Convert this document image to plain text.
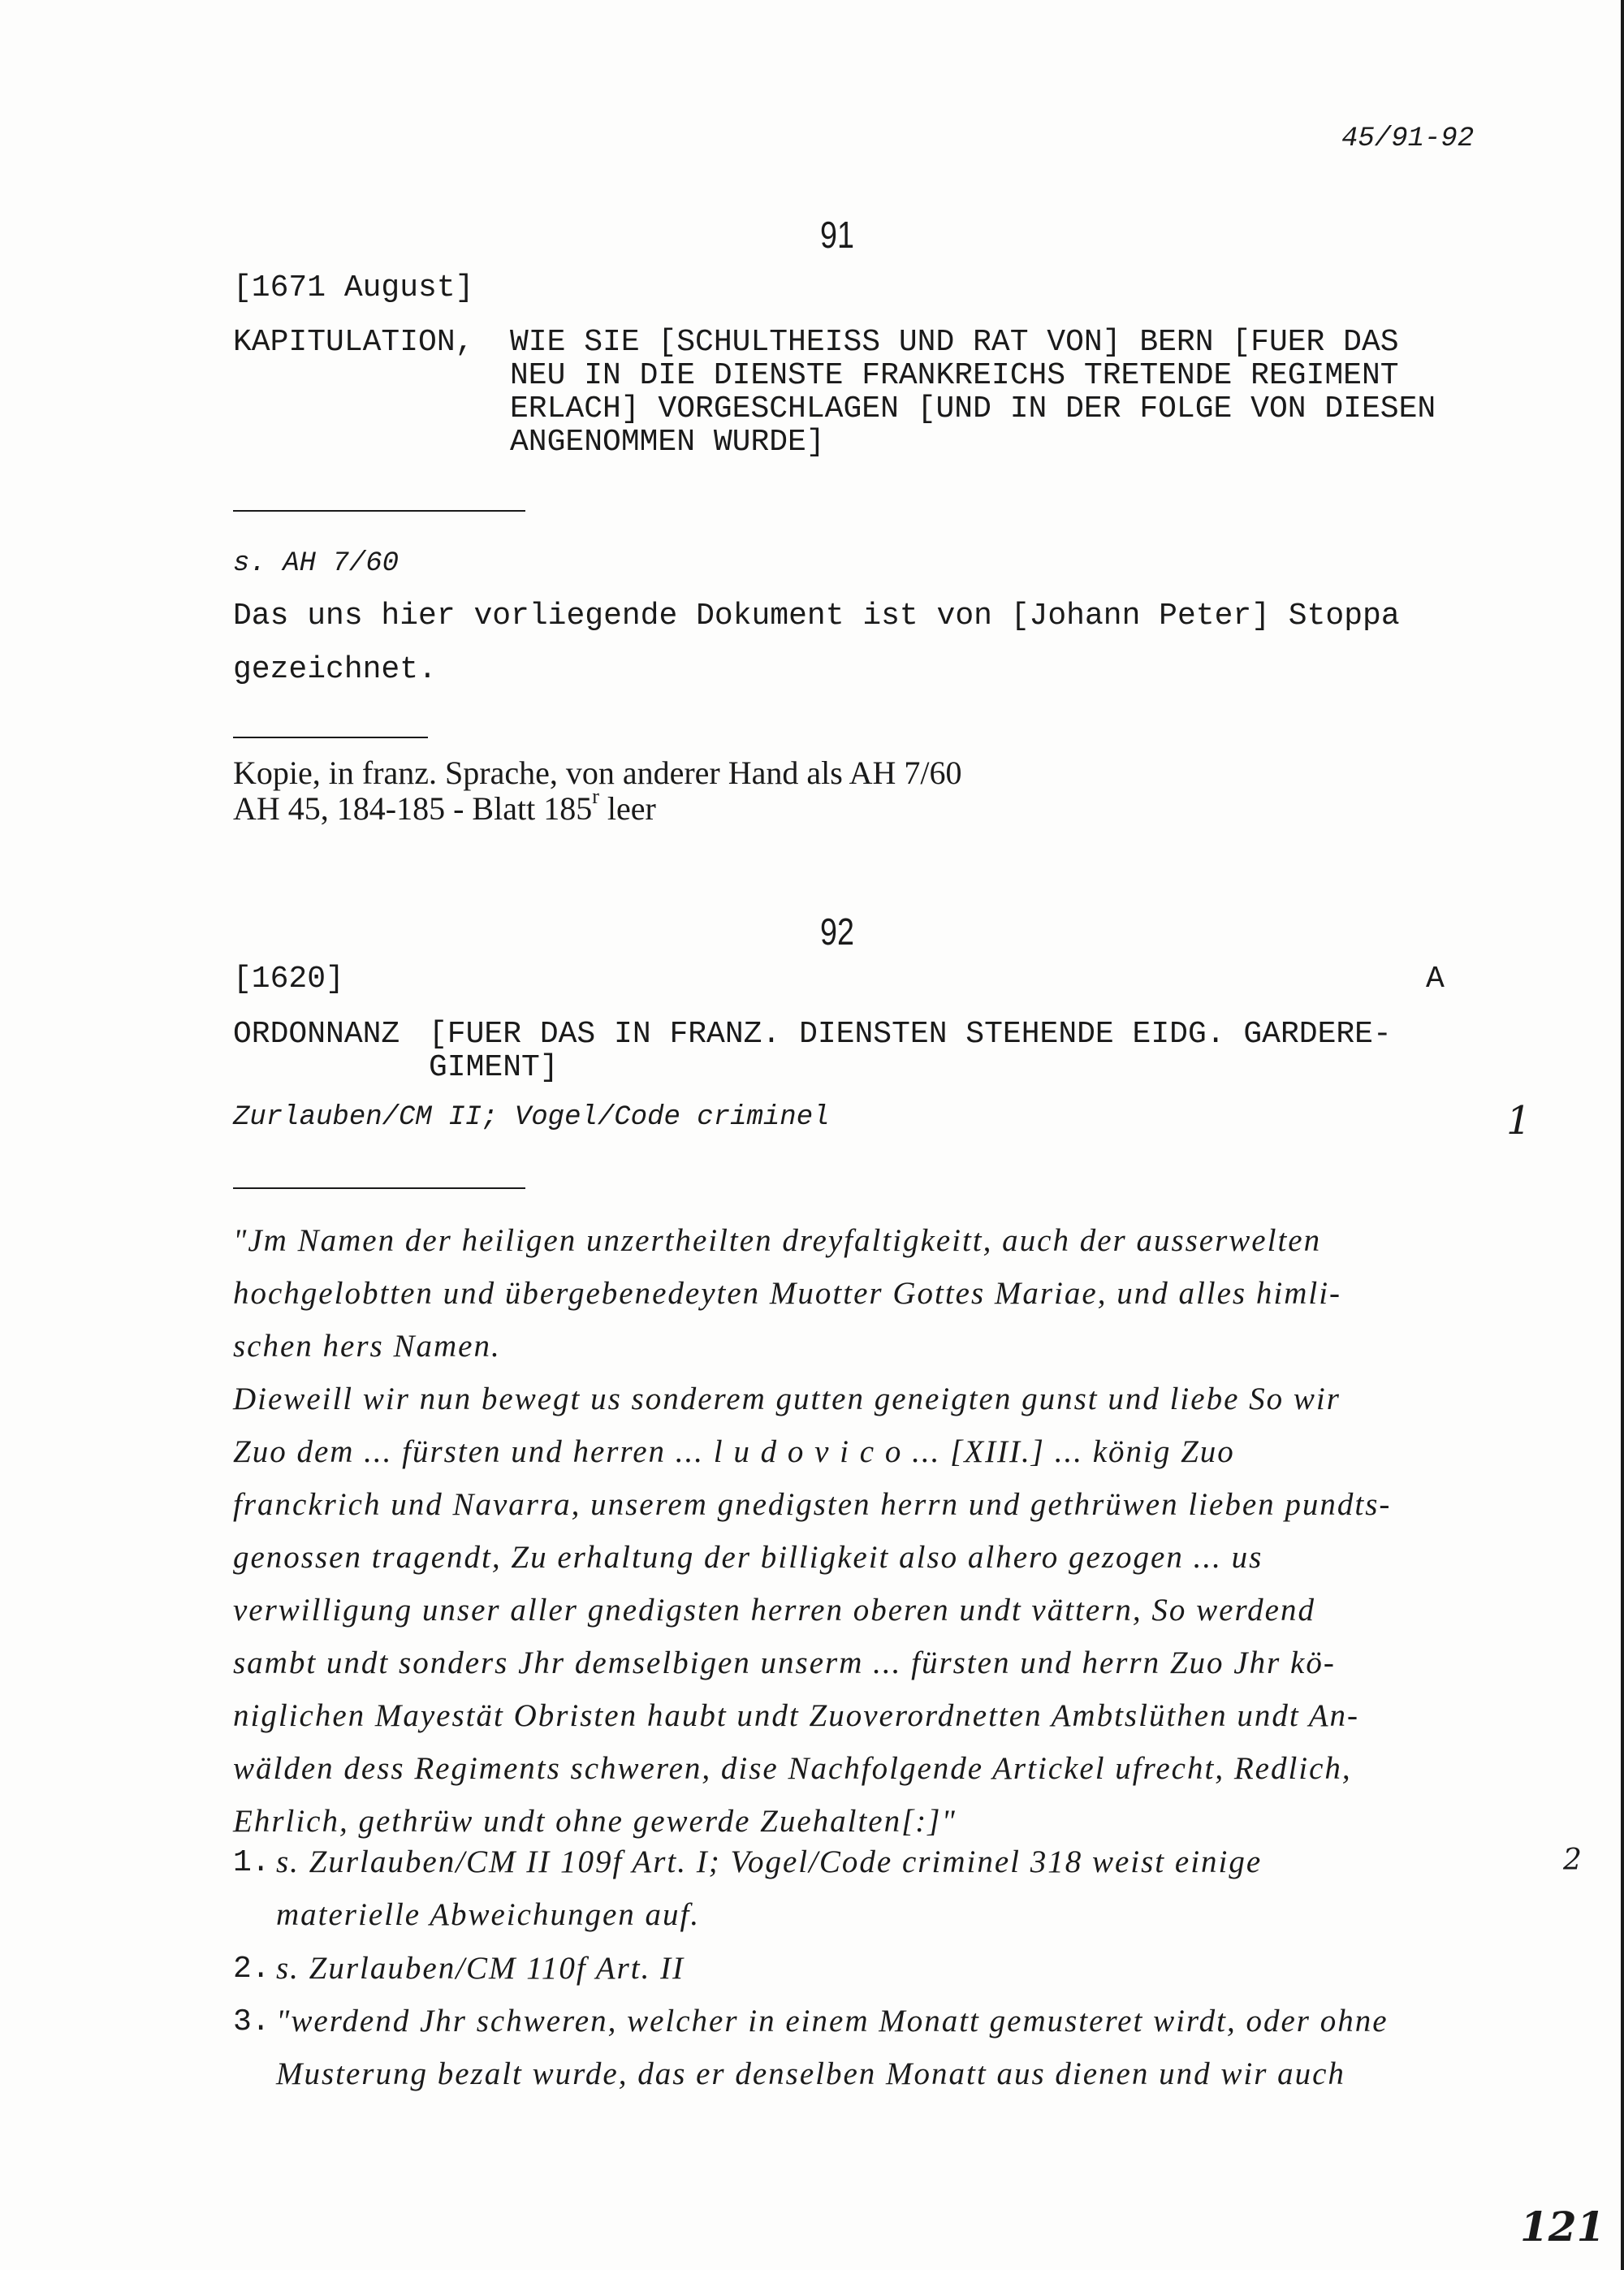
45/91-92
91
[1671 August]
KAPITULATION, WIE SIE [SCHULTHEISS UND RAT VON] BERN [FUER DAS
NEU IN DIE DIENSTE FRANKREICHS TRETENDE REGIMENT
ERLACH] VORGESCHLAGEN [UND IN DER FOLGE VON DIESEN
ANGENOMMEN WURDE]
s. AH 7/60
Das uns hier vorliegende Dokument ist von [Johann Peter] Stoppa
gezeichnet.
Kopie, in franz. Sprache, von anderer Hand als AH 7/60
AH 45, 184-185 - Blatt 185$^r$ leer
92
[1620]	A
ORDONNANZ [FUER DAS IN FRANZ. DIENSTEN STEHENDE EIDG. GARDERE-
GIMENT]
Zurlauben/CM II; Vogel/Code criminel	1
"Jm Namen der heiligen unzertheilten dreyfaltigkeitt, auch der ausserwelten
hochgelobtten und übergebenedeyten Muotter Gottes Mariae, und alles himli-
schen hers Namen.
Dieweill wir nun bewegt us sonderem gutten geneigten gunst und liebe So wir
Zuo dem ... fürsten und herren ... l u d o v i c o ... [XIII.] ... könig Zuo
franckrich und Navarra, unserem gnedigsten herrn und gethrüwen lieben pundts-
genossen tragendt, Zu erhaltung der billigkeit also alhero gezogen ... us
verwilligung unser aller gnedigsten herren oberen undt vättern, So werdend
sambt undt sonders Jhr demselbigen unserm ... fürsten und herrn Zuo Jhr kö-
niglichen Mayestät Obristen haubt undt Zuoverordnetten Ambtslüthen undt An-
wälden dess Regiments schweren, dise Nachfolgende Artickel ufrecht, Redlich,
Ehrlich, gethrüw undt ohne gewerde Zuehalten[:]"
1. s. Zurlauben/CM II 109f Art. I; Vogel/Code criminel 318 weist einige
materielle Abweichungen auf.
2
2. s. Zurlauben/CM 110f Art. II
3. "werdend Jhr schweren, welcher in einem Monatt gemusteret wirdt, oder ohne
Musterung bezalt wurde, das er denselben Monatt aus dienen und wir auch
121
